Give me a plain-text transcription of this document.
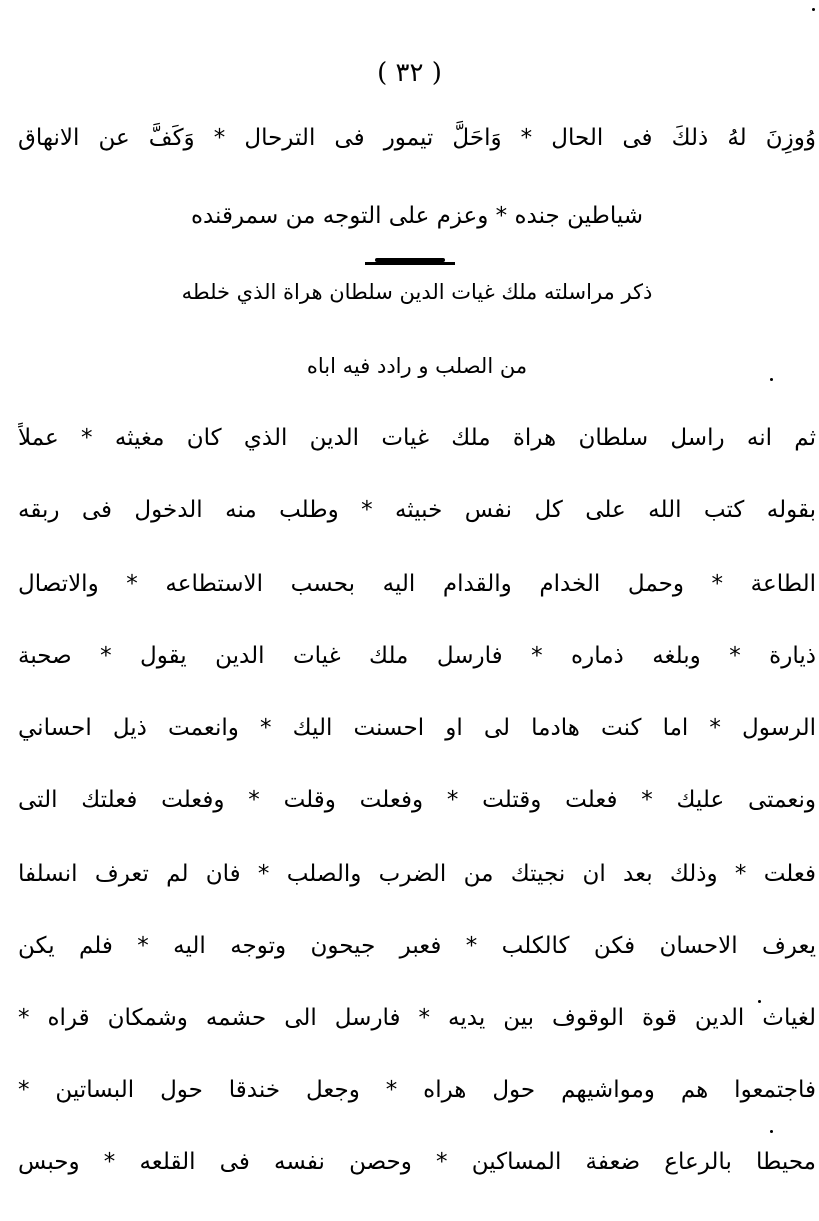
( ٣٢ )
وُوزِنَ لهُ ذلكَ فى الحال * وَاحَلَّ تيمور فى الترحال * وَكَفَّ عن الانهاق
شياطين جنده * وعزم على التوجه من سمرقنده
ذكر مراسلته ملك غيات الدين سلطان هراة الذي خلطه
من الصلب و رادد فيه اباه
ثم انه راسل سلطان هراة ملك غيات الدين الذي كان مغيثه * عملاً
بقوله كتب الله على كل نفس خبيثه * وطلب منه الدخول فى ربقه
الطاعة * وحمل الخدام والقدام اليه بحسب الاستطاعه * والاتصال
ذيارة * وبلغه ذماره * فارسل ملك غيات الدين يقول * صحبة
الرسول * اما كنت هادما لى او احسنت اليك * وانعمت ذيل احساني
ونعمتى عليك * فعلت وقتلت * وفعلت وقلت * وفعلت فعلتك التى
فعلت * وذلك بعد ان نجيتك من الضرب والصلب * فان لم تعرف انسلفا
يعرف الاحسان فكن كالكلب * فعبر جيحون وتوجه اليه * فلم يكن
لغياث الدين قوة الوقوف بين يديه * فارسل الى حشمه وشمكان قراه *
فاجتمعوا هم ومواشيهم حول هراه * وجعل خندقا حول البساتين *
محيطا بالرعاع ضعفة المساكين * وحصن نفسه فى القلعه * وحبس
